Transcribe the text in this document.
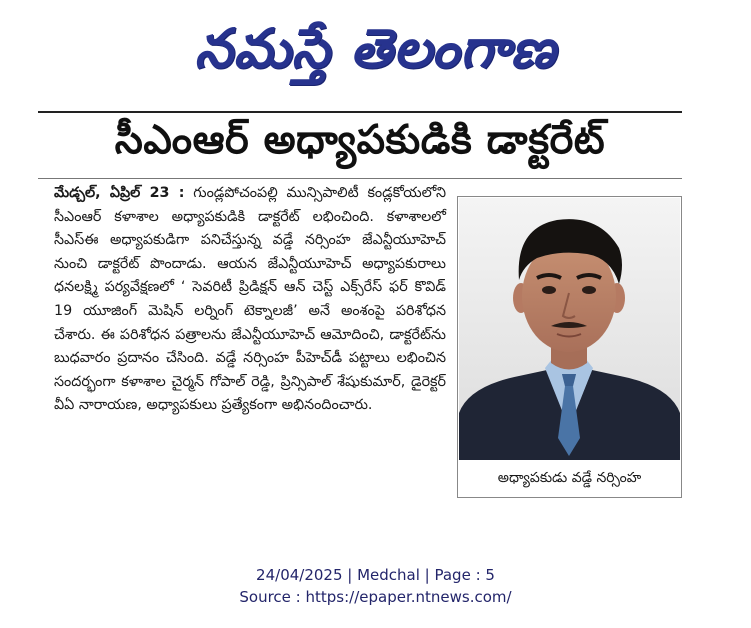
నమస్తే తెలంగాణ
సీఎంఆర్ అధ్యాపకుడికి డాక్టరేట్
మేడ్చల్, ఏప్రిల్ 23 : గుండ్లపోచంపల్లి మున్సిపాలిటీ కండ్లకోయలోని సీఎంఆర్ కళాశాల అధ్యాపకుడికి డాక్టరేట్ లభించింది. కళాశాలలో సీఎస్ఈ అధ్యాపకుడిగా పనిచేస్తున్న వడ్డే నర్సింహ జేఎన్టీయూహెచ్ నుంచి డాక్టరేట్ పొందాడు. ఆయన జేఎన్టీయూహెచ్ అధ్యాపకురాలు ధనలక్ష్మి పర్యవేక్షణలో ‘ సెవరిటీ ప్రిడిక్షన్ ఆన్ చెస్ట్ ఎక్స్‌రేస్ ఫర్ కొవిడ్ 19 యూజింగ్ మెషిన్ లర్నింగ్ టెక్నాలజీ’ అనే అంశంపై పరిశోధన చేశారు. ఈ పరిశోధన పత్రాలను జేఎన్టీయూహెచ్ ఆమోదించి, డాక్టరేట్‌ను బుధవారం ప్రదానం చేసింది. వడ్డే నర్సింహ పీహెచ్‌డీ పట్టాలు లభించిన సందర్భంగా కళాశాల చైర్మన్ గోపాల్ రెడ్డి, ప్రిన్సిపాల్ శేషుకుమార్, డైరెక్టర్ వీఏ నారాయణ, అధ్యాపకులు ప్రత్యేకంగా అభినందించారు.
అధ్యాపకుడు వడ్డే నర్సింహ
24/04/2025 | Medchal | Page : 5
Source : https://epaper.ntnews.com/
